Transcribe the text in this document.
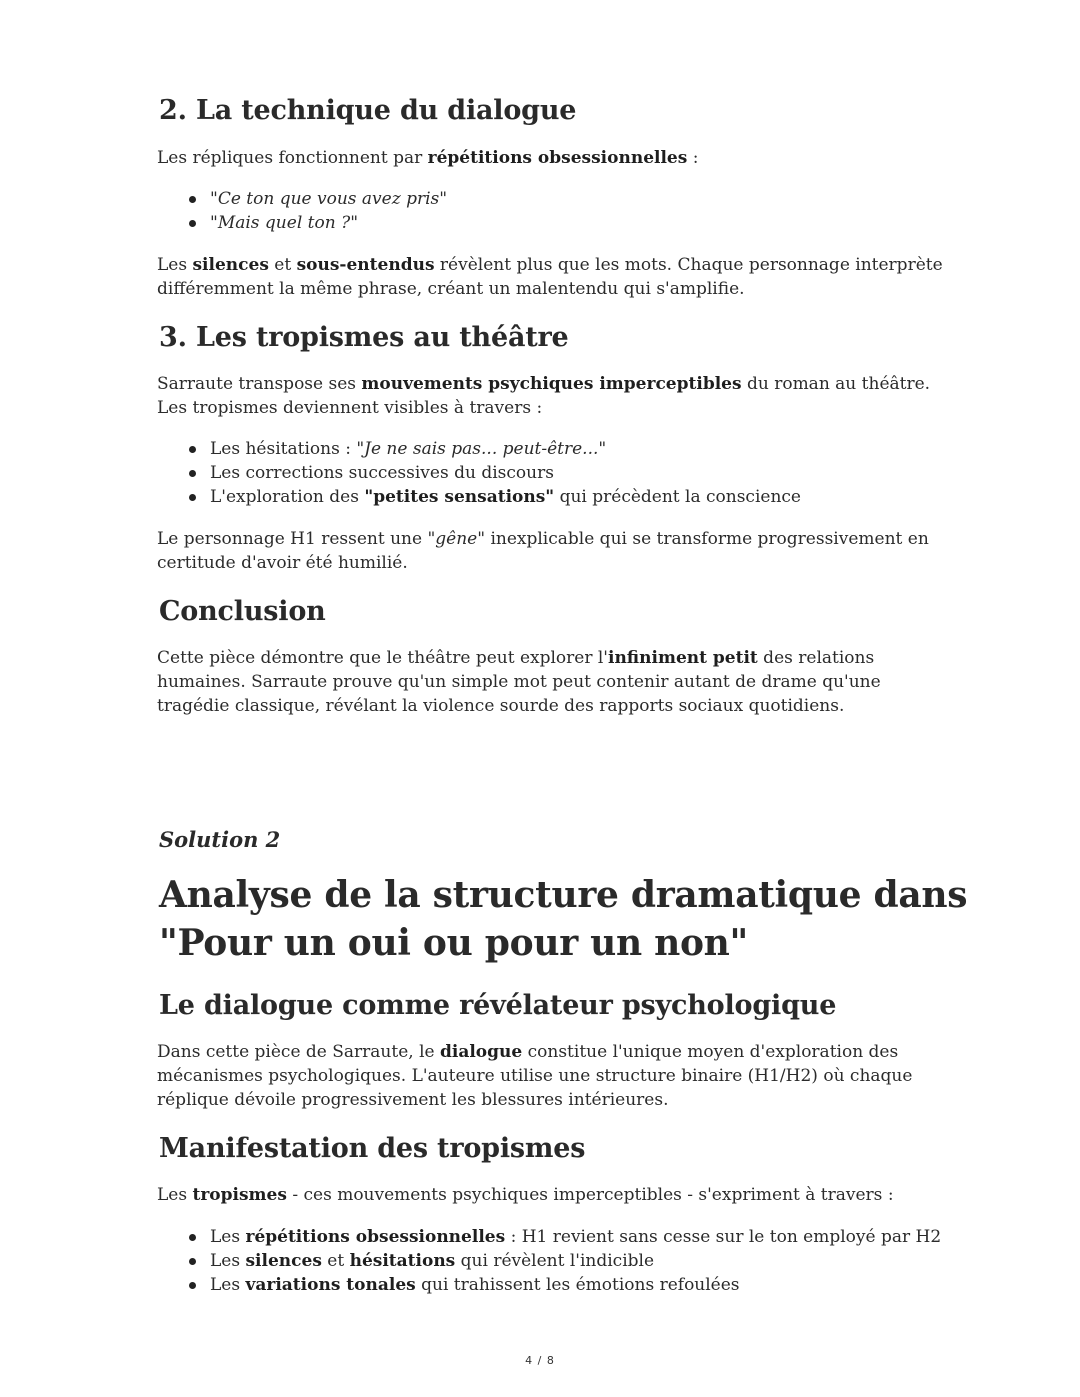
2. La technique du dialogue

Les répliques fonctionnent par répétitions obsessionnelles :

"Ce ton que vous avez pris"
"Mais quel ton ?"

Les silences et sous-entendus révèlent plus que les mots. Chaque personnage interprète
différemment la même phrase, créant un malentendu qui s'amplifie.

3. Les tropismes au théâtre

Sarraute transpose ses mouvements psychiques imperceptibles du roman au théâtre.
Les tropismes deviennent visibles à travers :

Les hésitations : "Je ne sais pas... peut-être..."
Les corrections successives du discours
L'exploration des "petites sensations" qui précèdent la conscience

Le personnage H1 ressent une "gêne" inexplicable qui se transforme progressivement en
certitude d'avoir été humilié.

Conclusion

Cette pièce démontre que le théâtre peut explorer l'infiniment petit des relations
humaines. Sarraute prouve qu'un simple mot peut contenir autant de drame qu'une
tragédie classique, révélant la violence sourde des rapports sociaux quotidiens.

Solution 2
Analyse de la structure dramatique dans
"Pour un oui ou pour un non"
Le dialogue comme révélateur psychologique

Dans cette pièce de Sarraute, le dialogue constitue l'unique moyen d'exploration des
mécanismes psychologiques. L'auteure utilise une structure binaire (H1/H2) où chaque
réplique dévoile progressivement les blessures intérieures.

Manifestation des tropismes

Les tropismes - ces mouvements psychiques imperceptibles - s'expriment à travers :

Les répétitions obsessionnelles : H1 revient sans cesse sur le ton employé par H2
Les silences et hésitations qui révèlent l'indicible
Les variations tonales qui trahissent les émotions refoulées
4 / 8
